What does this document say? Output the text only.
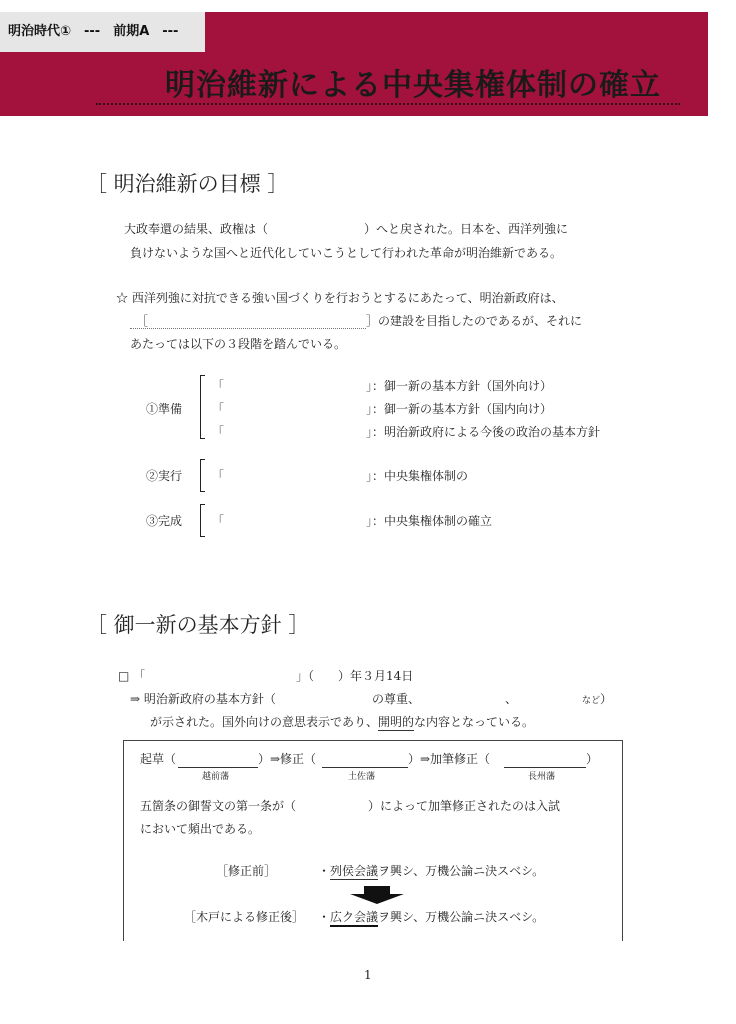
明治時代①　---　前期A　---
明治維新による中央集権体制の確立
［ 明治維新の目標 ］
大政奉還の結果、政権は（　　　　　　　　）へと戻された。日本を、西洋列強に
負けないような国へと近代化していこうとして行われた革命が明治維新である。
☆ 西洋列強に対抗できる強い国づくりを行おうとするにあたって、明治新政府は、
［	］の建設を目指したのであるが、それに
あたっては以下の３段階を踏んでいる。
①準備
「	」：御一新の基本方針（国外向け）
「	」：御一新の基本方針（国内向け）
「	」：明治新政府による今後の政治の基本方針
②実行 「	」：中央集権体制の
③完成 「	」：中央集権体制の確立
［ 御一新の基本方針 ］
□ 「	」（　　）年３月14日
⇒ 明治新政府の基本方針（	の尊重、	、	など）
が示された。国外向けの意思表示であり、開明的な内容となっている。
起草（	）⇒修正（	）⇒加筆修正（	）
越前藩	土佐藩	長州藩
五箇条の御誓文の第一条が（　　　　　　）によって加筆修正されたのは入試
において頻出である。
［修正前］	・列侯会議ヲ興シ、万機公論ニ決スベシ。
［木戸による修正後］ ・広ク会議ヲ興シ、万機公論ニ決スベシ。
1
